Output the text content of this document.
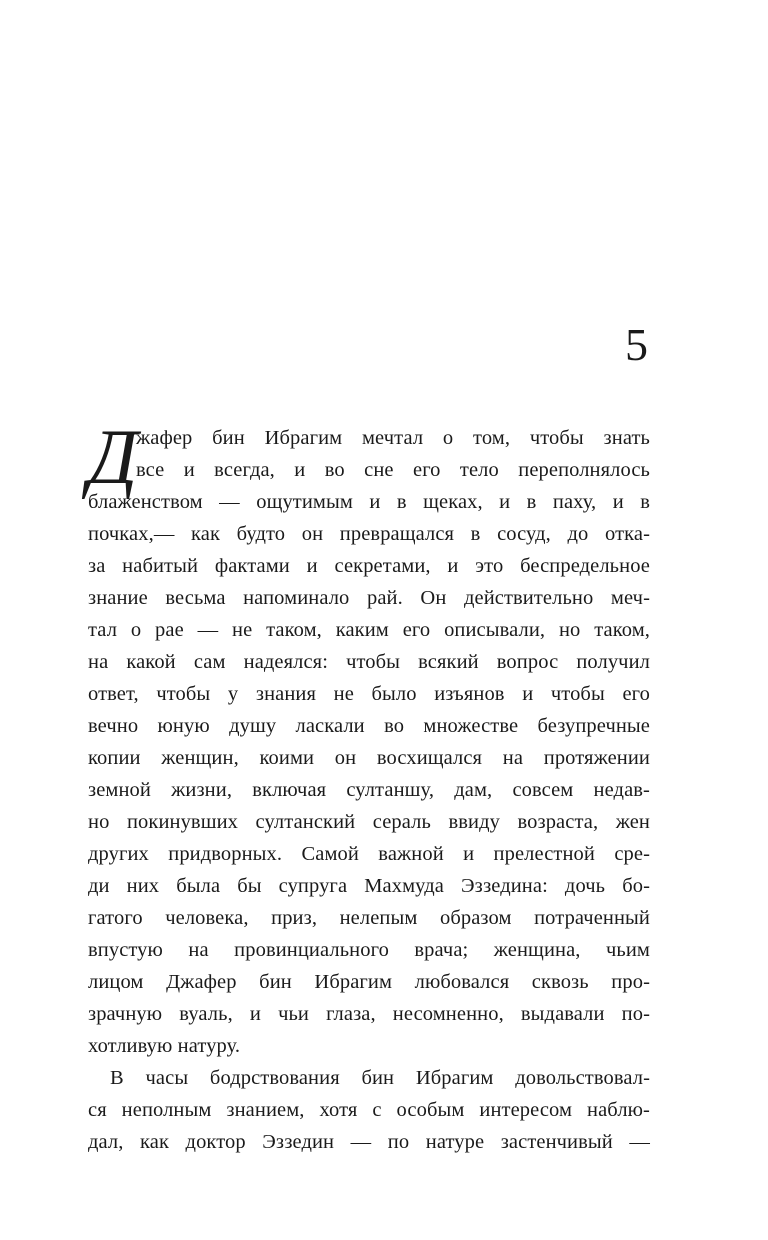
5
Д
жафер бин Ибрагим мечтал о том, чтобы знать
все и всегда, и во сне его тело переполнялось
блаженством — ощутимым и в щеках, и в паху, и в
почках,— как будто он превращался в сосуд, до отка-
за набитый фактами и секретами, и это беспредельное
знание весьма напоминало рай. Он действительно меч-
тал о рае — не таком, каким его описывали, но таком,
на какой сам надеялся: чтобы всякий вопрос получил
ответ, чтобы у знания не было изъянов и чтобы его
вечно юную душу ласкали во множестве безупречные
копии женщин, коими он восхищался на протяжении
земной жизни, включая султаншу, дам, совсем недав-
но покинувших султанский сераль ввиду возраста, жен
других придворных. Самой важной и прелестной сре-
ди них была бы супруга Махмуда Эззедина: дочь бо-
гатого человека, приз, нелепым образом потраченный
впустую на провинциального врача; женщина, чьим
лицом Джафер бин Ибрагим любовался сквозь про-
зрачную вуаль, и чьи глаза, несомненно, выдавали по-
хотливую натуру.
В часы бодрствования бин Ибрагим довольствовал-
ся неполным знанием, хотя с особым интересом наблю-
дал, как доктор Эззедин — по натуре застенчивый —
